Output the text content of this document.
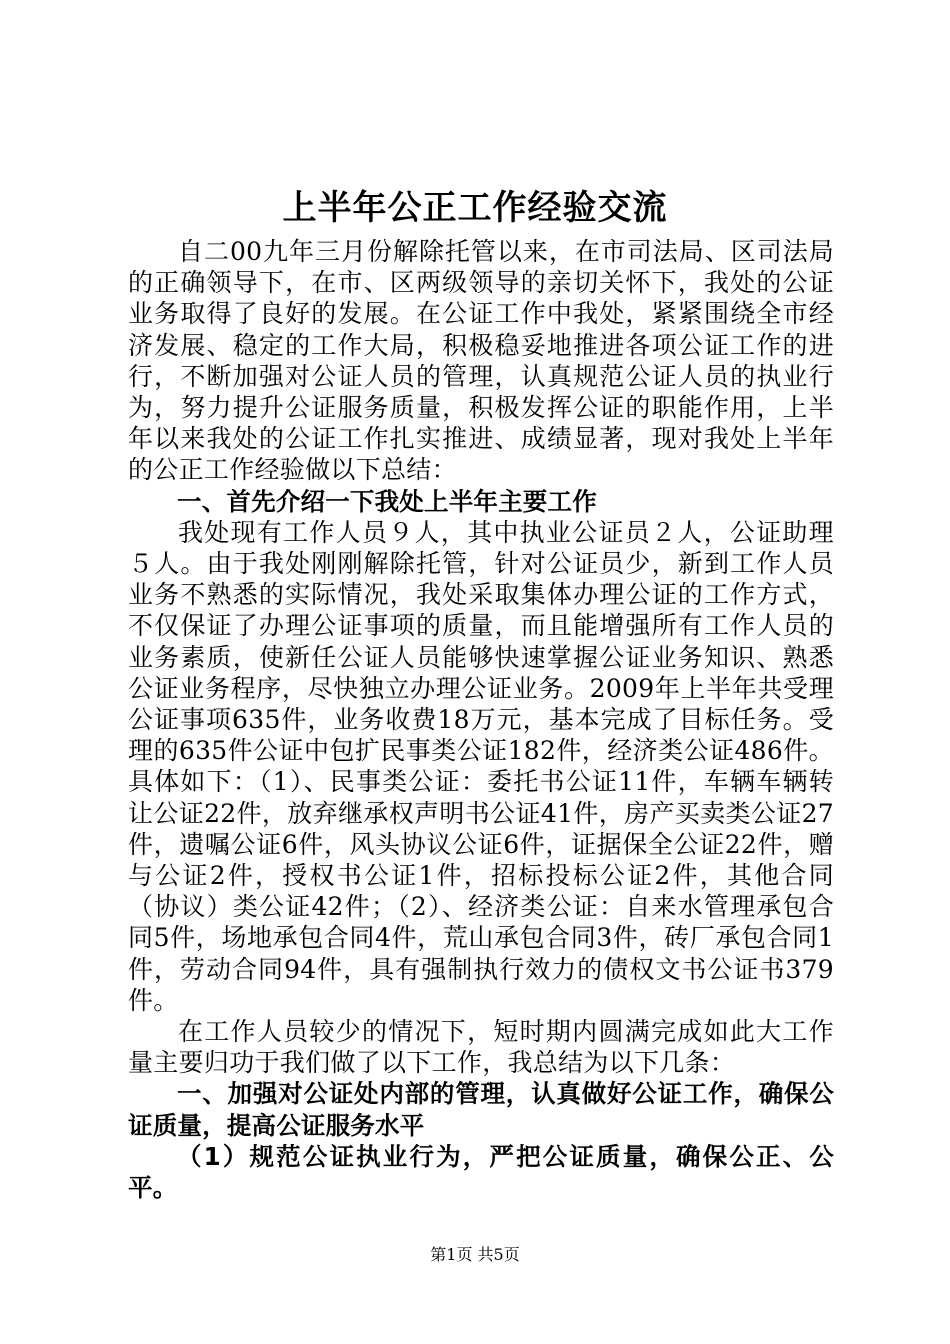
上半年公正工作经验交流

自二00九年三月份解除托管以来，在市司法局、区司法局的正确领导下，在市、区两级领导的亲切关怀下，我处的公证业务取得了良好的发展。在公证工作中我处，紧紧围绕全市经济发展、稳定的工作大局，积极稳妥地推进各项公证工作的进行，不断加强对公证人员的管理，认真规范公证人员的执业行为，努力提升公证服务质量，积极发挥公证的职能作用，上半年以来我处的公证工作扎实推进、成绩显著，现对我处上半年的公正工作经验做以下总结：

一、首先介绍一下我处上半年主要工作

我处现有工作人员９人，其中执业公证员２人，公证助理５人。由于我处刚刚解除托管，针对公证员少，新到工作人员业务不熟悉的实际情况，我处采取集体办理公证的工作方式，不仅保证了办理公证事项的质量，而且能增强所有工作人员的业务素质，使新任公证人员能够快速掌握公证业务知识、熟悉公证业务程序，尽快独立办理公证业务。2009年上半年共受理公证事项635件，业务收费18万元，基本完成了目标任务。受理的635件公证中包扩民事类公证182件，经济类公证486件。具体如下：（1）、民事类公证：委托书公证11件，车辆车辆转让公证22件，放弃继承权声明书公证41件，房产买卖类公证27件，遗嘱公证6件，风头协议公证6件，证据保全公证22件，赠与公证2件，授权书公证1件，招标投标公证2件，其他合同（协议）类公证42件；（2）、经济类公证：自来水管理承包合同5件，场地承包合同4件，荒山承包合同3件，砖厂承包合同1件，劳动合同94件，具有强制执行效力的债权文书公证书379件。

在工作人员较少的情况下，短时期内圆满完成如此大工作量主要归功于我们做了以下工作，我总结为以下几条：

一、加强对公证处内部的管理，认真做好公证工作，确保公证质量，提高公证服务水平

（1）规范公证执业行为，严把公证质量，确保公正、公平。

第1页 共5页
